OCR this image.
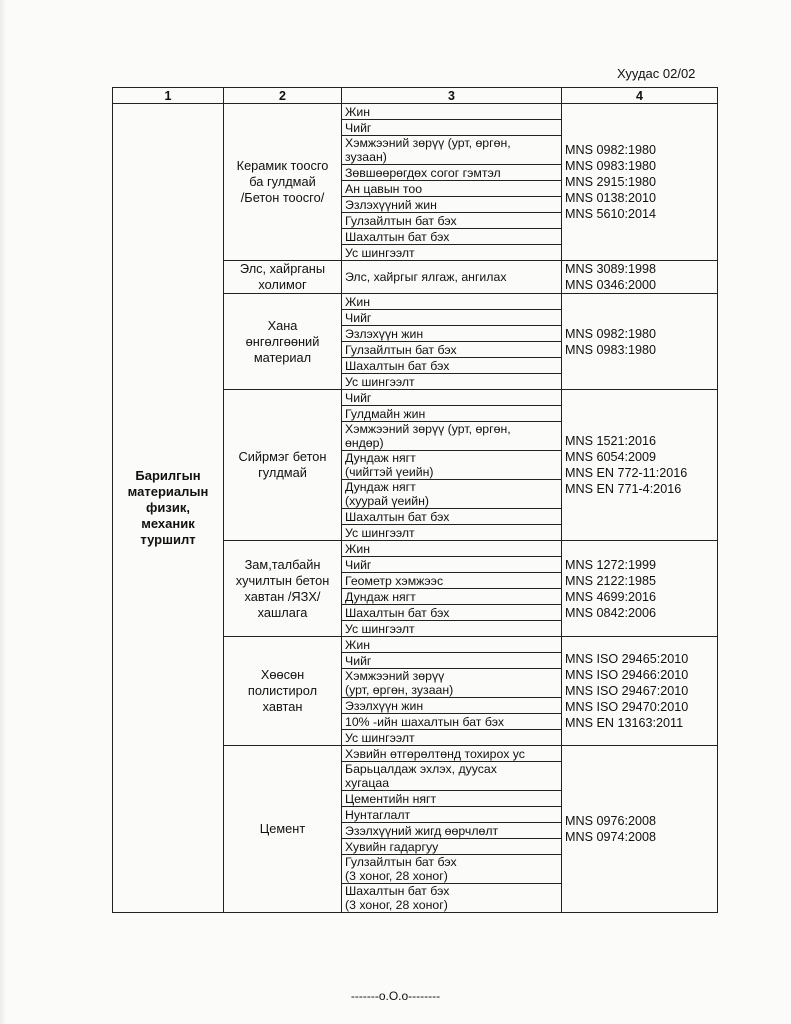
Хуудас 02/02
1	2	3	4
Барилгын
материалын
физик,
механик
туршилт	Керамик тоосго
ба гулдмай
/Бетон тоосго/	Жин	MNS 0982:1980
MNS 0983:1980
MNS 2915:1980
MNS 0138:2010
MNS 5610:2014
		Чийг	
		Хэмжээний зөрүү (урт, өргөн,
зузаан)	
		Зөвшөөрөгдөх согог гэмтэл	
		Ан цавын тоо	
		Эзлэхүүний жин	
		Гулзайлтын бат бэх	
		Шахалтын бат бэх	
		Ус шингээлт	
	Элс, хайрганы
холимог	Элс, хайргыг ялгаж, ангилах	MNS 3089:1998
MNS 0346:2000
	Хана
өнгөлгөөний
материал	Жин	MNS 0982:1980
MNS 0983:1980
		Чийг	
		Эзлэхүүн жин	
		Гулзайлтын бат бэх	
		Шахалтын бат бэх	
		Ус шингээлт	
	Сийрмэг бетон
гулдмай	Чийг	MNS 1521:2016
MNS 6054:2009
MNS EN 772-11:2016
MNS EN 771-4:2016
		Гулдмайн жин	
		Хэмжээний зөрүү (урт, өргөн,
өндөр)	
		Дундаж нягт
(чийгтэй үеийн)	
		Дундаж нягт
(хуурай үеийн)	
		Шахалтын бат бэх	
		Ус шингээлт	
	Зам,талбайн
хучилтын бетон
хавтан /ЯЗХ/
хашлага	Жин	MNS 1272:1999
MNS 2122:1985
MNS 4699:2016
MNS 0842:2006
		Чийг	
		Геометр хэмжээс	
		Дундаж нягт	
		Шахалтын бат бэх	
		Ус шингээлт	
	Хөөсөн
полистирол
хавтан	Жин	MNS ISO 29465:2010
MNS ISO 29466:2010
MNS ISO 29467:2010
MNS ISO 29470:2010
MNS EN 13163:2011
		Чийг	
		Хэмжээний зөрүү
(урт, өргөн, зузаан)	
		Эзэлхүүн жин	
		10% -ийн шахалтын бат бэх	
		Ус шингээлт	
	Цемент	Хэвийн өтгөрөлтөнд тохирох ус	MNS 0976:2008
MNS 0974:2008
		Барьцалдаж эхлэх, дуусах
хугацаа	
		Цементийн нягт	
		Нунтаглалт	
		Эзэлхүүний жигд өөрчлөлт	
		Хувийн гадаргуу	
		Гулзайлтын бат бэх
(3 хоног, 28 хоног)	
		Шахалтын бат бэх
(3 хоног, 28 хоног)	
-------o.O.o--------
